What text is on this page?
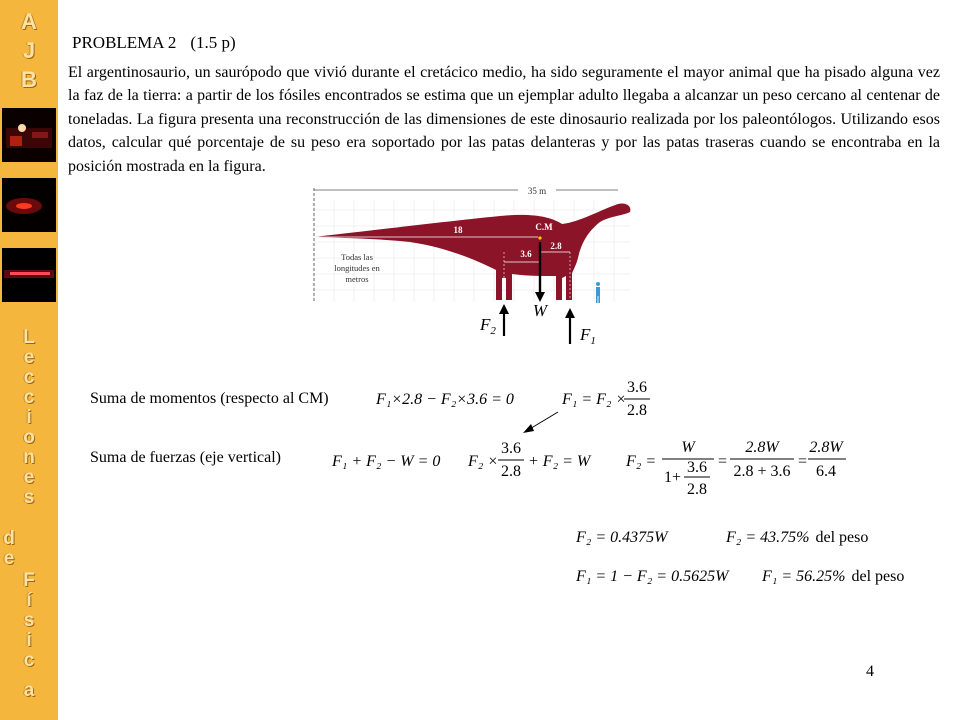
A
J
B
L
e
c
c
i
o
n
e
s
d
e
F
í
s
i
c
a
PROBLEMA 2 (1.5 p)
El argentinosaurio, un saurópodo que vivió durante el cretácico medio, ha sido seguramente el mayor animal que ha pisado alguna vez la faz de la tierra: a partir de los fósiles encontrados se estima que un ejemplar adulto llegaba a alcanzar un peso cercano al centenar de toneladas. La figura presenta una reconstrucción de las dimensiones de este dinosaurio realizada por los paleontólogos. Utilizando esos datos, calcular qué porcentaje de su peso era soportado por las patas delanteras y por las patas traseras cuando se encontraba en la posición mostrada en la figura.
35 m
18
3.6
2.8
C.M
Todas las
longitudes en
metros
W
$F_2$	$F_1$
Suma de momentos (respecto al CM)
Suma de fuerzas (eje vertical)
F₁×2.8 − F₂×3.6 = 0	F₁ = F₂ ×
3.6
2.8
F₁ + F₂ − W = 0 F₂ ×
3.6
2.8
+ F₂ = W F₂ =
W
1+
3.6
2.8
=
2.8W
2.8 + 3.6
=
2.8W
6.4
F₂ = 0.4375W	F₂ = 43.75% del peso
F₁ = 1 − F₂ = 0.5625W F₁ = 56.25% del peso
4
